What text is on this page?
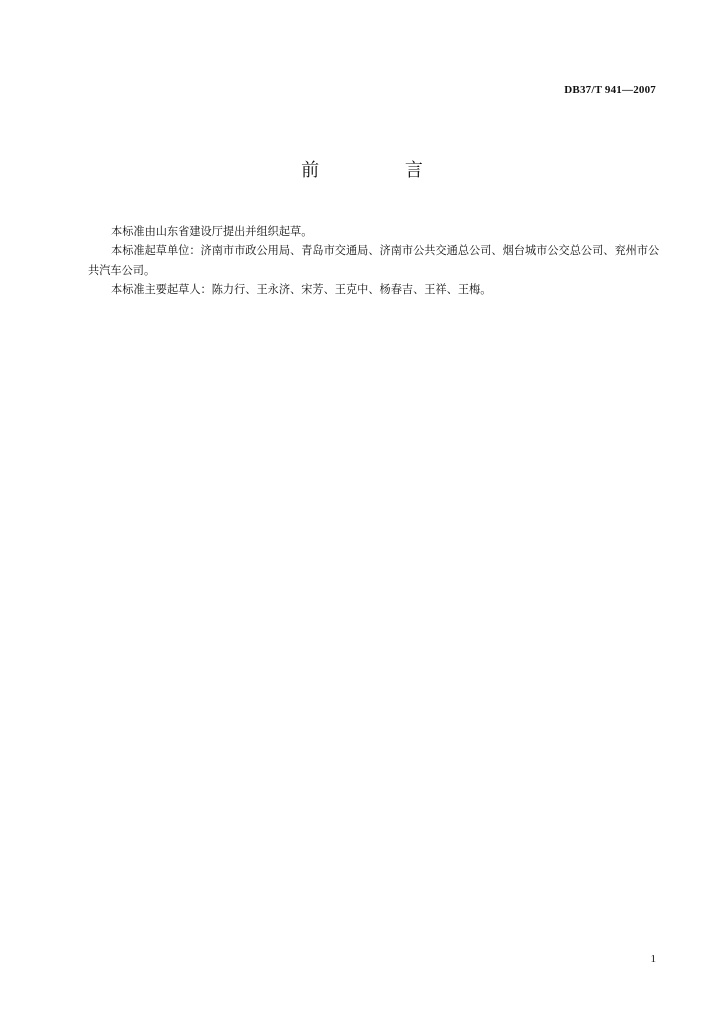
DB37/T 941—2007
前 言

本标准由山东省建设厅提出并组织起草。

本标准起草单位：济南市市政公用局、青岛市交通局、济南市公共交通总公司、烟台城市公交总公司、兖州市公共汽车公司。

本标准主要起草人：陈力行、王永济、宋芳、王克中、杨春吉、王祥、王梅。

1
